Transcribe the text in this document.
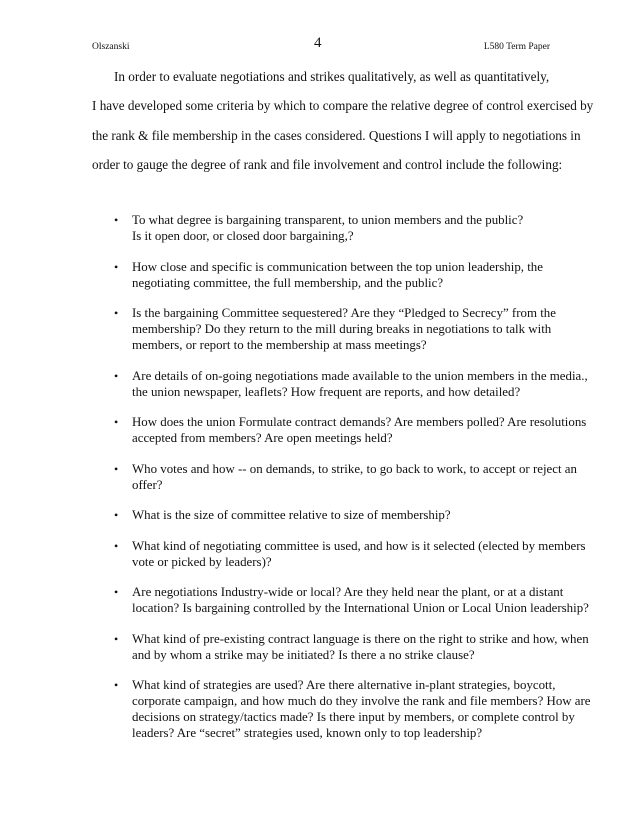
Olszanski	4	L580 Term Paper
In order to evaluate negotiations and strikes qualitatively, as well as quantitatively,
I have developed some criteria by which to compare the relative degree of control exercised by
the rank & file membership in the cases considered. Questions I will apply to negotiations in
order to gauge the degree of rank and file involvement and control include the following:
• To what degree is bargaining transparent, to union members and the public?
Is it open door, or closed door bargaining,?
• How close and specific is communication between the top union leadership, the
negotiating committee, the full membership, and the public?
• Is the bargaining Committee sequestered? Are they “Pledged to Secrecy” from the
membership? Do they return to the mill during breaks in negotiations to talk with
members, or report to the membership at mass meetings?
• Are details of on-going negotiations made available to the union members in the media.,
the union newspaper, leaflets? How frequent are reports, and how detailed?
• How does the union Formulate contract demands? Are members polled? Are resolutions
accepted from members? Are open meetings held?
• Who votes and how -- on demands, to strike, to go back to work, to accept or reject an
offer?
• What is the size of committee relative to size of membership?
• What kind of negotiating committee is used, and how is it selected (elected by members
vote or picked by leaders)?
• Are negotiations Industry-wide or local? Are they held near the plant, or at a distant
location? Is bargaining controlled by the International Union or Local Union leadership?
• What kind of pre-existing contract language is there on the right to strike and how, when
and by whom a strike may be initiated? Is there a no strike clause?
• What kind of strategies are used? Are there alternative in-plant strategies, boycott,
corporate campaign, and how much do they involve the rank and file members? How are
decisions on strategy/tactics made? Is there input by members, or complete control by
leaders? Are “secret” strategies used, known only to top leadership?
